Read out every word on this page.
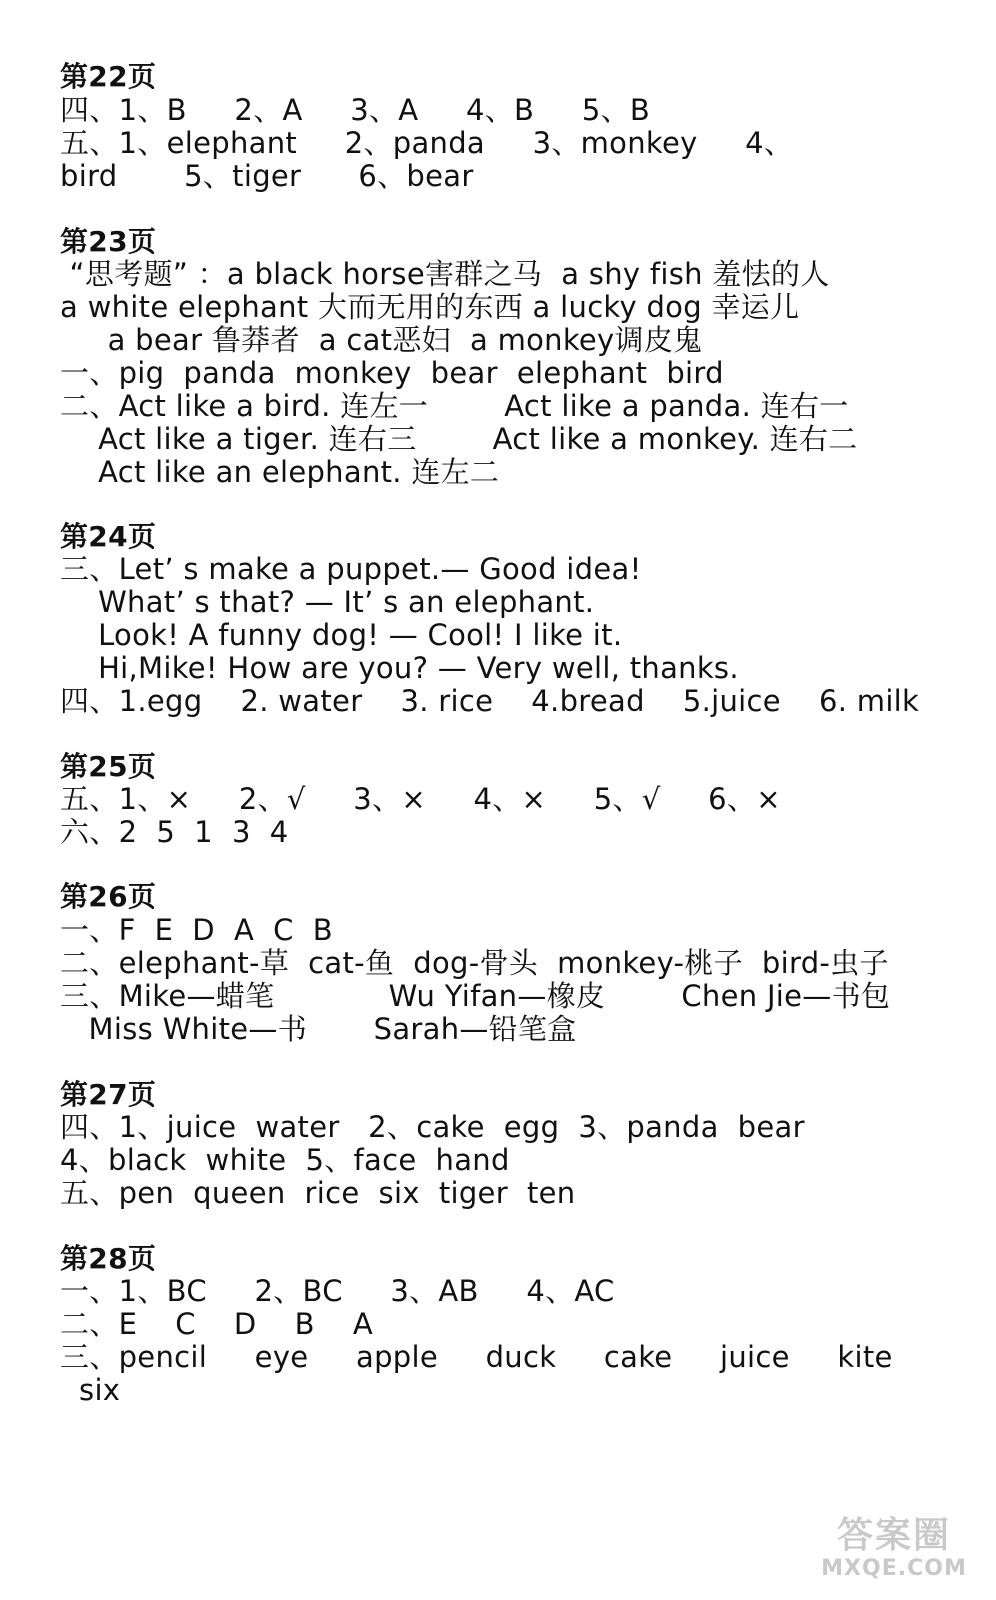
第22页
四、1、B     2、A     3、A     4、B     5、B
五、1、elephant     2、panda     3、monkey     4、
bird       5、tiger      6、bear
第23页
“思考题” ：a black horse害群之马  a shy fish 羞怯的人
a white elephant 大而无用的东西 a lucky dog 幸运儿
a bear 鲁莽者  a cat恶妇  a monkey调皮鬼
一、pig  panda  monkey  bear  elephant  bird
二、Act like a bird. 连左一        Act like a panda. 连右一
Act like a tiger. 连右三        Act like a monkey. 连右二
Act like an elephant. 连左二
第24页
三、Let’ s make a puppet.— Good idea!
What’ s that? — It’ s an elephant.
Look! A funny dog! — Cool! I like it.
Hi,Mike! How are you? — Very well, thanks.
四、1.egg    2. water    3. rice    4.bread    5.juice    6. milk
第25页
五、1、×     2、√     3、×     4、×     5、√     6、×
六、2  5  1  3  4
第26页
一、F  E  D  A  C  B
二、elephant-草  cat-鱼  dog-骨头  monkey-桃子  bird-虫子
三、Mike—蜡笔            Wu Yifan—橡皮        Chen Jie—书包
Miss White—书       Sarah—铅笔盒
第27页
四、1、juice  water   2、cake  egg  3、panda  bear
4、black  white  5、face  hand
五、pen  queen  rice  six  tiger  ten
第28页
一、1、BC     2、BC     3、AB     4、AC
二、E    C    D    B    A
三、pencil     eye     apple     duck     cake     juice     kite
six
答案圈
MXQE.COM
